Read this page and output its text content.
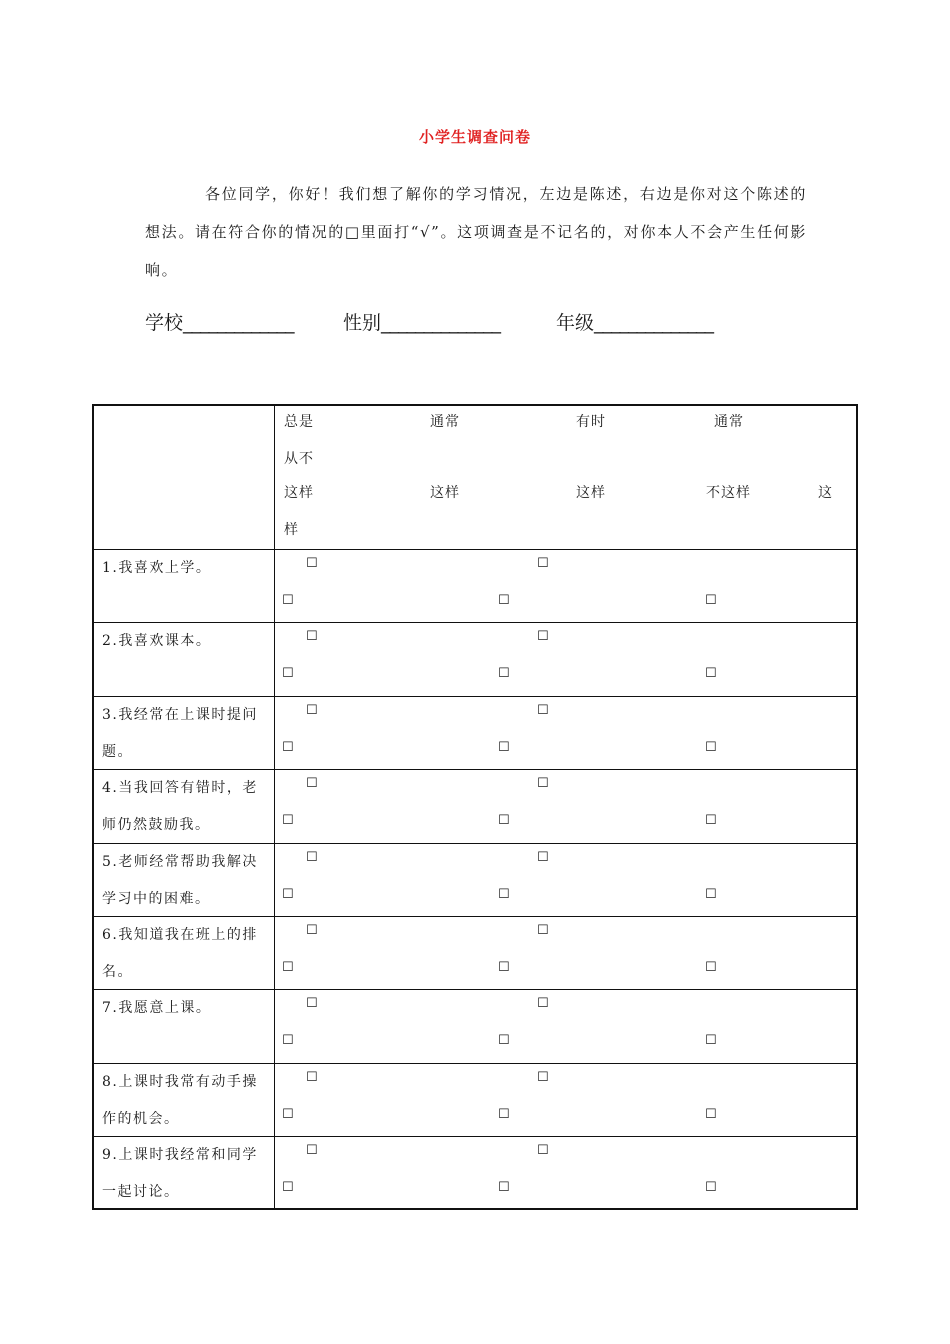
小学生调查问卷

各位同学，你好！我们想了解你的学习情况，左边是陈述，右边是你对这个陈述的想法。请在符合你的情况的□里面打“√”。这项调查是不记名的，对你本人不会产生任何影响。

学校_____________	性别______________	年级______________
总是	通常	有时	通常
从不
这样	这样	这样	不这样	这
样
1.我喜欢上学。	☐	☐
☐	☐	☐
2.我喜欢课本。	☐	☐
☐	☐	☐
3.我经常在上课时提问题。
☐	☐
☐	☐	☐
4.当我回答有错时，老师仍然鼓励我。
☐	☐
☐	☐	☐
5.老师经常帮助我解决学习中的困难。
☐	☐
☐	☐	☐
6.我知道我在班上的排名。
☐	☐
☐	☐	☐
7.我愿意上课。	☐	☐
☐	☐	☐
8.上课时我常有动手操作的机会。
☐	☐
☐	☐	☐
9.上课时我经常和同学一起讨论。
☐	☐
☐	☐	☐
